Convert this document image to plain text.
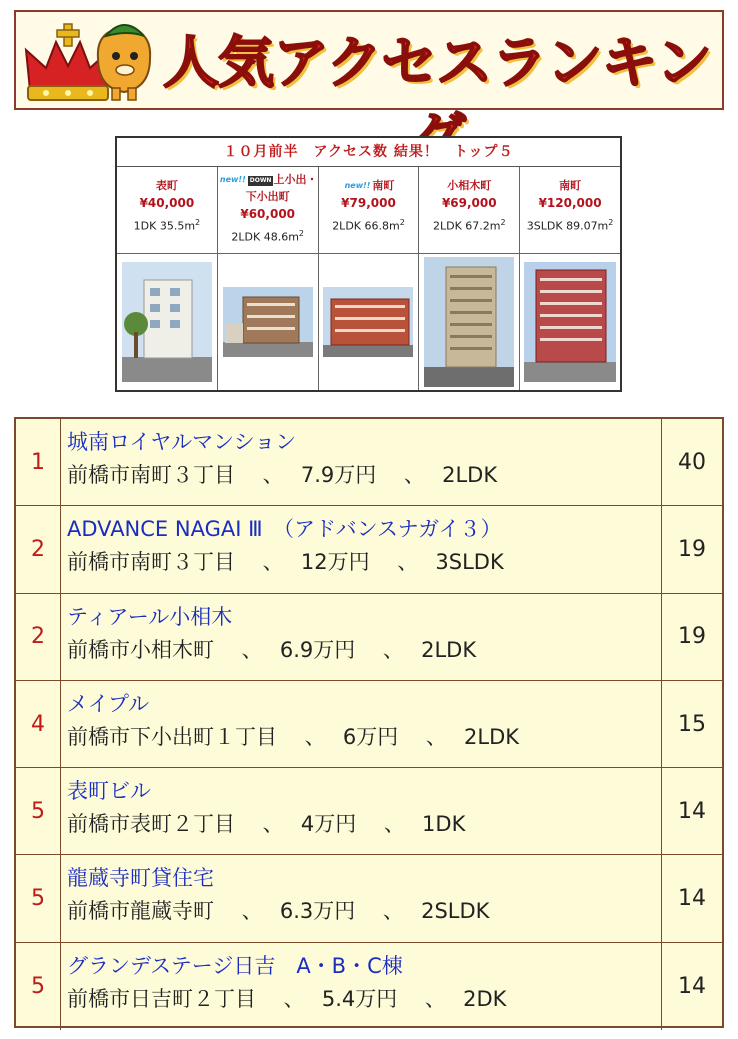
人気アクセスランキン
１０月前半　アクセス数 結果！　トップ５
表町
¥40,000
1DK $35.5m^2$
new!! DOWN 上小出・下小出町
¥60,000
2LDK $48.6m^2$
new!! 南町
¥79,000
2LDK $66.8m^2$
小相木町
¥69,000
2LDK $67.2m^2$
南町
¥120,000
3SLDK $89.07m^2$
1
城南ロイヤルマンション
前橋市南町３丁目　 、　 7.9万円　 、　 2LDK
40
2
ADVANCE NAGAI Ⅲ　（アドバンスナガイ３）
前橋市南町３丁目　 、　 12万円　 、　 3SLDK
19
2
ティアール小相木
前橋市小相木町　 、　 6.9万円　 、　 2LDK
19
4
メイプル
前橋市下小出町１丁目　 、　 6万円　 、　 2LDK
15
5
表町ビル
前橋市表町２丁目　 、　 4万円　 、　 1DK
14
5
龍蔵寺町貸住宅
前橋市龍蔵寺町　 、　 6.3万円　 、　 2SLDK
14
5
グランデステージ日吉　A・B・C棟
前橋市日吉町２丁目　 、　 5.4万円　 、　 2DK	14
